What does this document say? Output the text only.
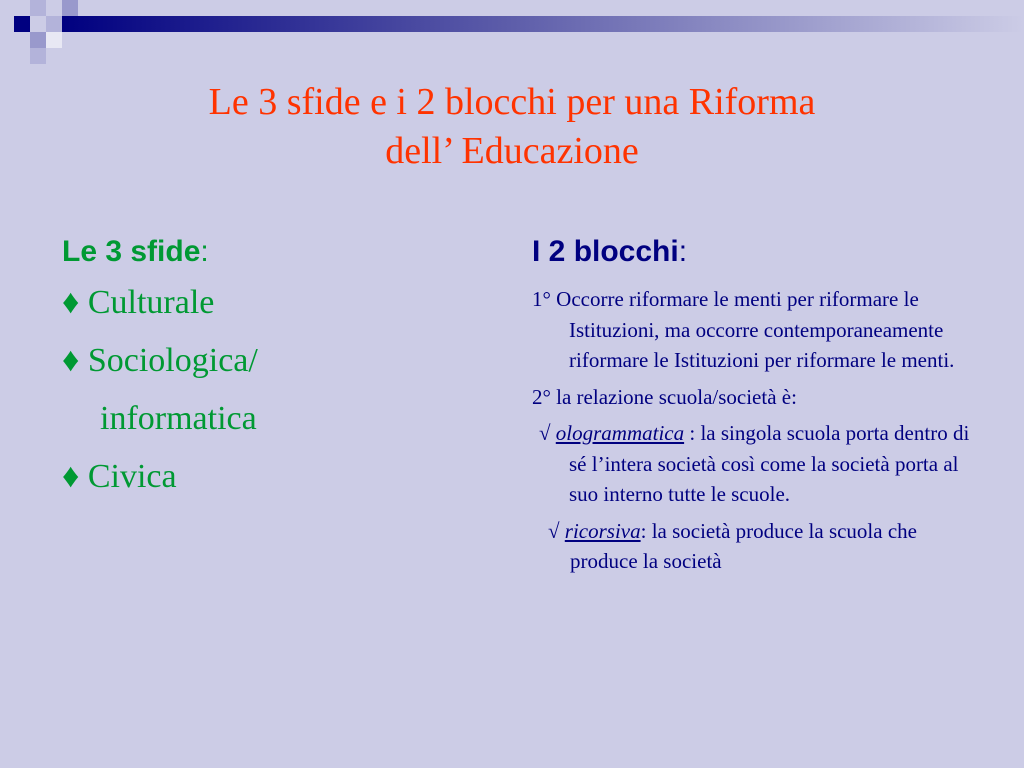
Le 3 sfide e i 2 blocchi per una Riforma
dell’ Educazione
Le 3 sfide:
♦ Culturale
♦ Sociologica/
informatica
♦ Civica
I 2 blocchi:
1° Occorre riformare le menti per riformare le Istituzioni, ma occorre contemporaneamente riformare le Istituzioni per riformare le menti.
2° la relazione scuola/società è:
√ ologrammatica : la singola scuola porta dentro di sé l’intera società così come la società porta al suo interno tutte le scuole.
√ ricorsiva: la società produce la scuola che produce la società
